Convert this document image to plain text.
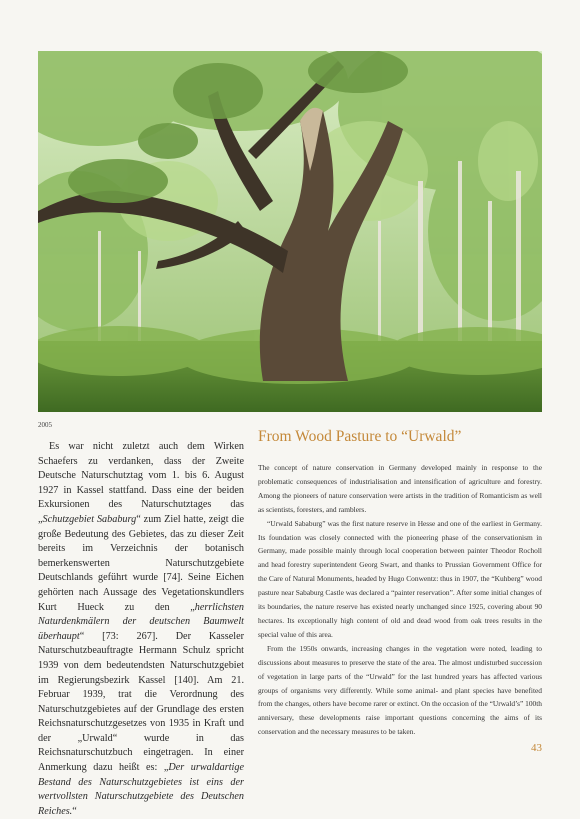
2005

Es war nicht zuletzt auch dem Wirken Schaefers zu verdanken, dass der Zweite Deutsche Naturschutztag vom 1. bis 6. August 1927 in Kassel stattfand. Dass eine der beiden Exkursionen des Naturschutztages das „Schutzgebiet Sababurg“ zum Ziel hatte, zeigt die große Bedeutung des Gebietes, das zu dieser Zeit bereits im Verzeichnis der botanisch bemerkenswerten Naturschutzgebiete Deutschlands geführt wurde [74]. Seine Eichen gehörten nach Aussage des Vegetationskundlers Kurt Hueck zu den „herrlichsten Naturdenkmälern der deutschen Baumwelt überhaupt“ [73: 267]. Der Kasseler Naturschutzbeauftragte Hermann Schulz spricht 1939 von dem bedeutendsten Naturschutzgebiet im Regierungsbezirk Kassel [140]. Am 21. Februar 1939, trat die Verordnung des Naturschutzgebietes auf der Grundlage des ersten Reichsnaturschutzgesetzes von 1935 in Kraft und der „Urwald“ wurde in das Reichsnaturschutzbuch eingetragen. In einer Anmerkung dazu heißt es: „Der urwaldartige Bestand des Naturschutzgebietes ist eins der wertvollsten Naturschutzgebiete des Deutschen Reiches.“

From Wood Pasture to “Urwald”

The concept of nature conservation in Germany developed mainly in response to the problematic consequences of industrialisation and intensification of agriculture and forestry. Among the pioneers of nature conservation were artists in the tradition of Romanticism as well as scientists, foresters, and ramblers.

“Urwald Sababurg” was the first nature reserve in Hesse and one of the earliest in Germany. Its foundation was closely connected with the pioneering phase of the conservationism in Germany, made possible mainly through local cooperation between painter Theodor Rocholl and head forestry superintendent Georg Swart, and thanks to Prussian Government Office for the Care of Natural Monuments, headed by Hugo Conwentz: thus in 1907, the “Kuhberg” wood pasture near Sababurg Castle was declared a “painter reservation”. After some initial changes of its boundaries, the nature reserve has existed nearly unchanged since 1925, covering about 90 hectares. Its exceptionally high content of old and dead wood from oak trees results in the special value of this area.

From the 1950s onwards, increasing changes in the vegetation were noted, leading to discussions about measures to preserve the state of the area. The almost undisturbed succession of vegetation in large parts of the “Urwald” for the last hundred years has affected various groups of organisms very differently. While some animal- and plant species have benefited from the changes, others have become rarer or extinct. On the occasion of the “Urwald’s” 100th anniversary, these developments raise important questions concerning the aims of its conservation and the necessary measures to be taken.

43
